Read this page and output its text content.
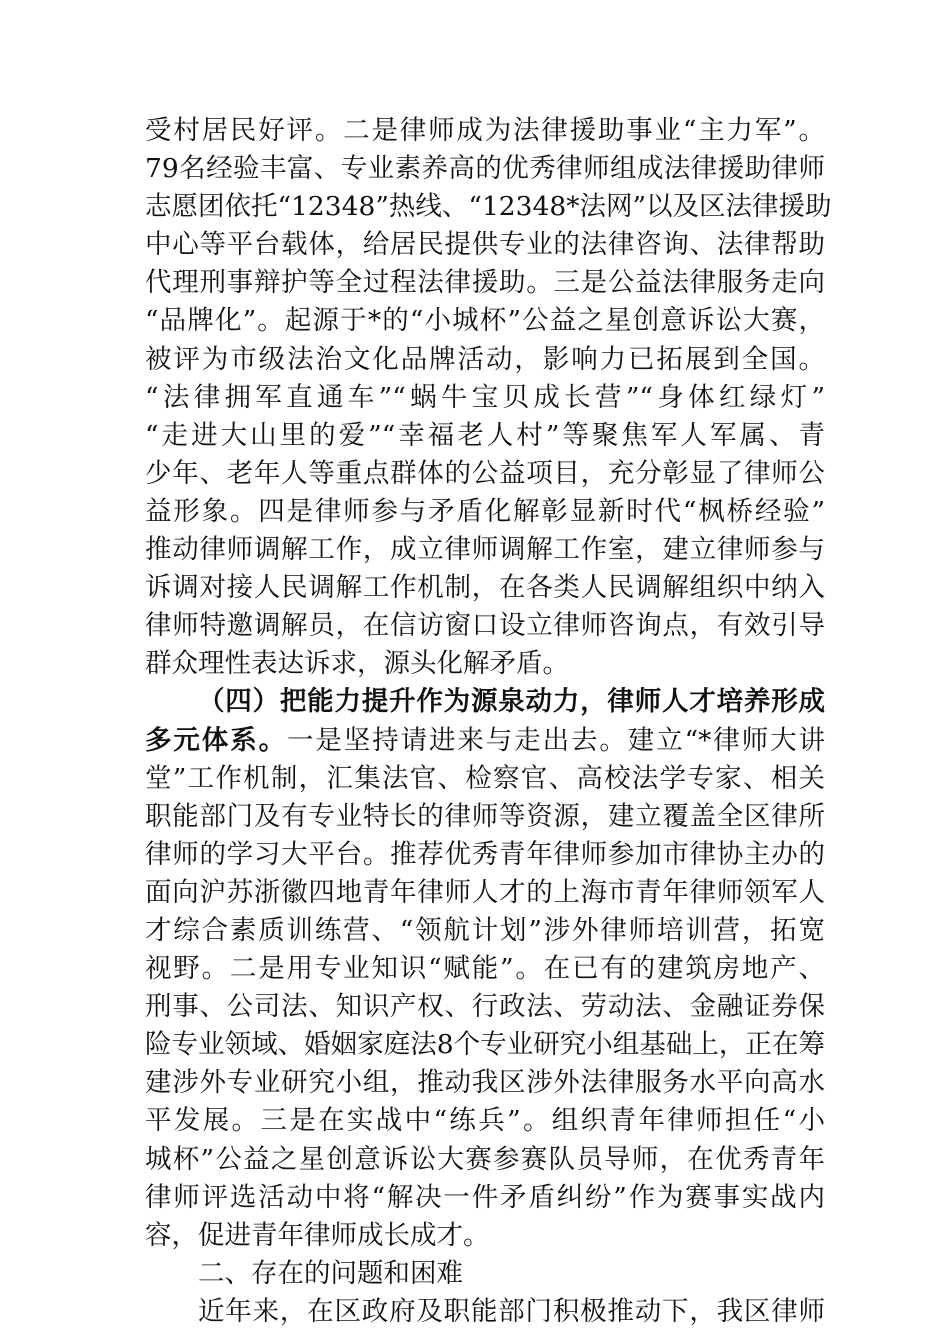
受村居民好评。二是律师成为法律援助事业“主力军”。
79名经验丰富、专业素养高的优秀律师组成法律援助律师
志愿团依托“12348”热线、“12348*法网”以及区法律援助
中心等平台载体，给居民提供专业的法律咨询、法律帮助
代理刑事辩护等全过程法律援助。三是公益法律服务走向
“品牌化”。起源于*的“小城杯”公益之星创意诉讼大赛，
被评为市级法治文化品牌活动，影响力已拓展到全国。
“法律拥军直通车”“蜗牛宝贝成长营”“身体红绿灯”
“走进大山里的爱”“幸福老人村”等聚焦军人军属、青
少年、老年人等重点群体的公益项目，充分彰显了律师公
益形象。四是律师参与矛盾化解彰显新时代“枫桥经验”
推动律师调解工作，成立律师调解工作室，建立律师参与
诉调对接人民调解工作机制，在各类人民调解组织中纳入
律师特邀调解员，在信访窗口设立律师咨询点，有效引导
群众理性表达诉求，源头化解矛盾。
（四）把能力提升作为源泉动力，律师人才培养形成
多元体系。一是坚持请进来与走出去。建立“*律师大讲
堂”工作机制，汇集法官、检察官、高校法学专家、相关
职能部门及有专业特长的律师等资源，建立覆盖全区律所
律师的学习大平台。推荐优秀青年律师参加市律协主办的
面向沪苏浙徽四地青年律师人才的上海市青年律师领军人
才综合素质训练营、“领航计划”涉外律师培训营，拓宽
视野。二是用专业知识“赋能”。在已有的建筑房地产、
刑事、公司法、知识产权、行政法、劳动法、金融证券保
险专业领域、婚姻家庭法8个专业研究小组基础上，正在筹
建涉外专业研究小组，推动我区涉外法律服务水平向高水
平发展。三是在实战中“练兵”。组织青年律师担任“小
城杯”公益之星创意诉讼大赛参赛队员导师，在优秀青年
律师评选活动中将“解决一件矛盾纠纷”作为赛事实战内
容，促进青年律师成长成才。
二、存在的问题和困难
近年来，在区政府及职能部门积极推动下，我区律师
